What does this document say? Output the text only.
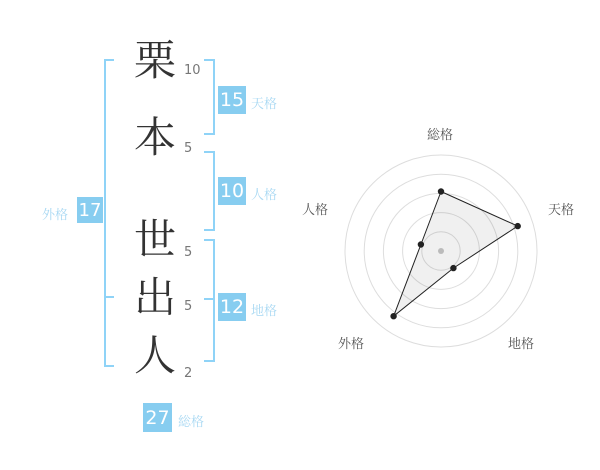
栗
本
世
出
人
10
5
5
5
2
15 天格
10 人格
12 地格
17
外格
27 総格
総格
天格
地格
外格
人格
